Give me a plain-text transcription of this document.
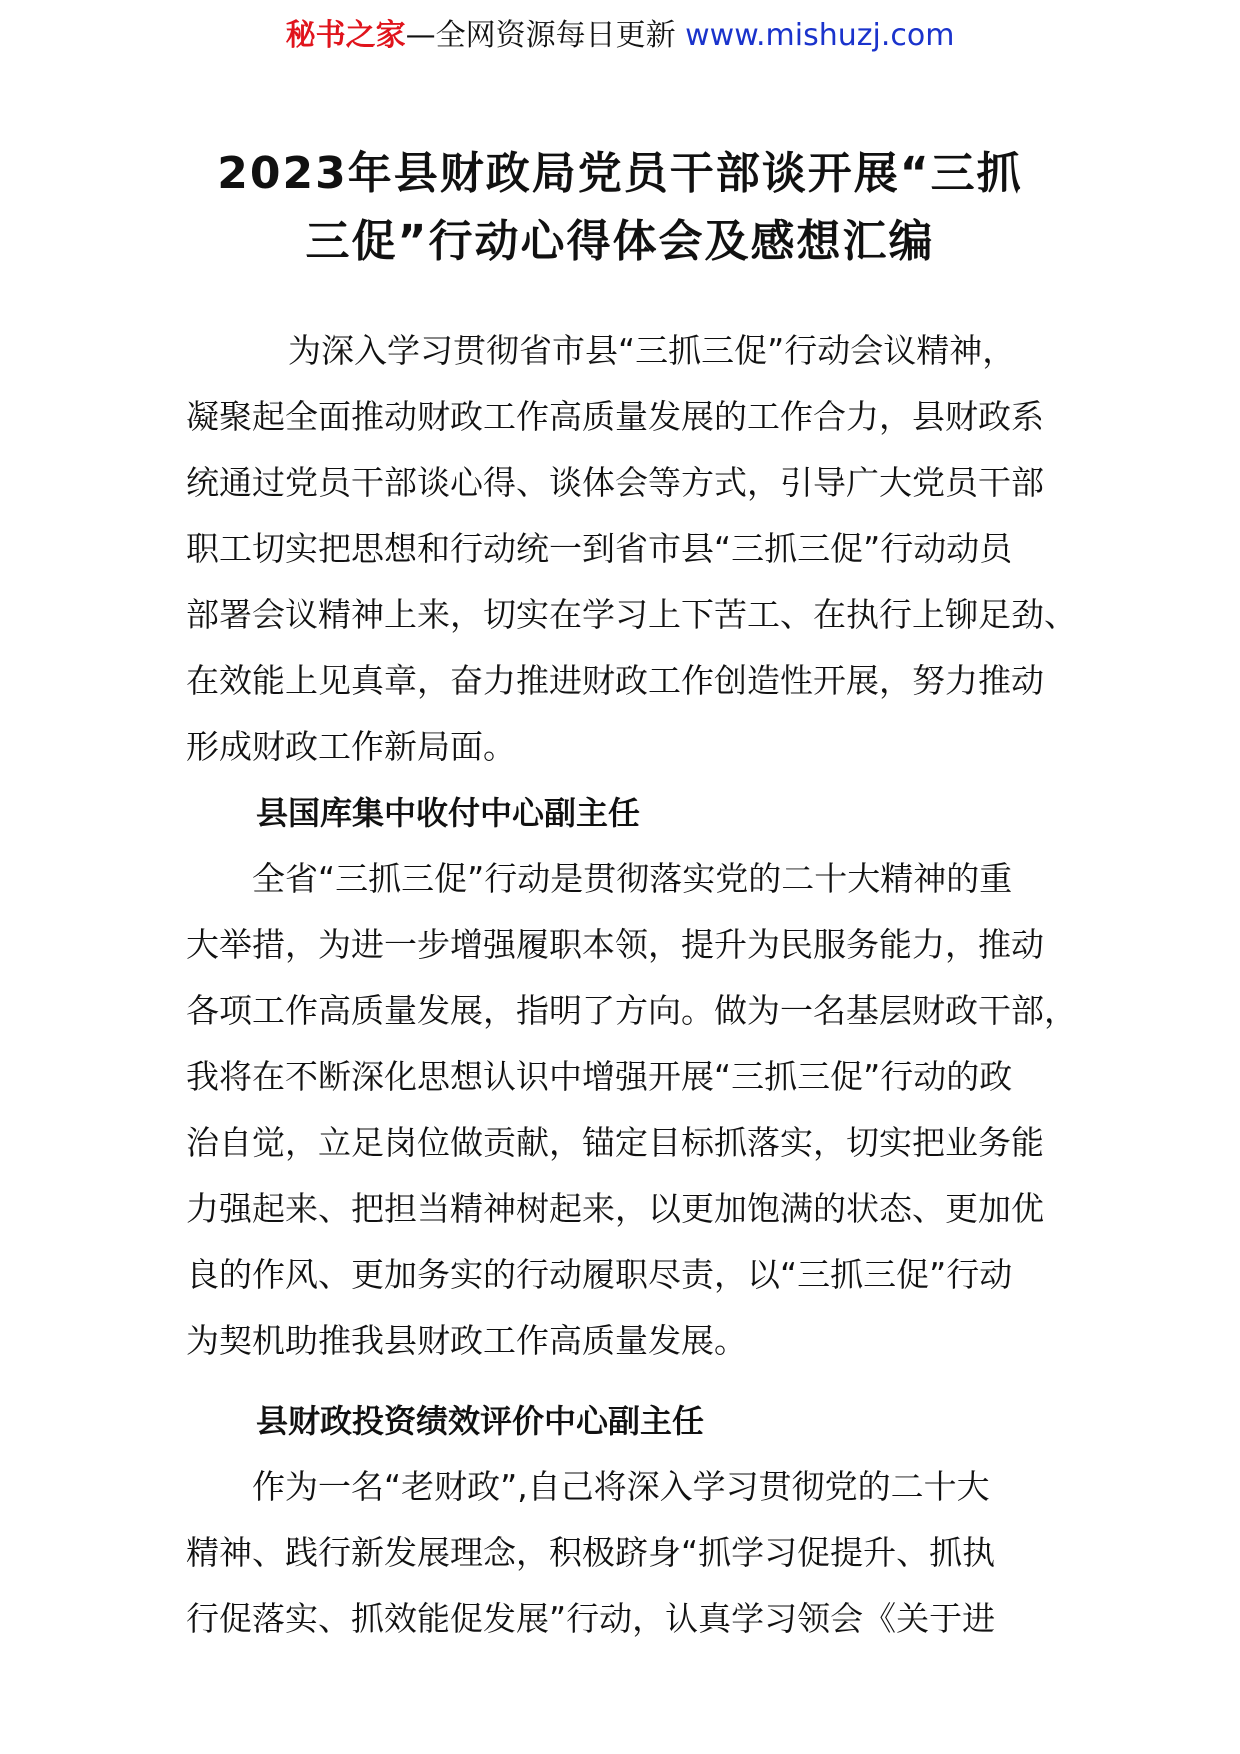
秘书之家—全网资源每日更新 www.mishuzj.com
2023年县财政局党员干部谈开展“三抓
三促”行动心得体会及感想汇编
为深入学习贯彻省市县“三抓三促”行动会议精神，
凝聚起全面推动财政工作高质量发展的工作合力，县财政系
统通过党员干部谈心得、谈体会等方式，引导广大党员干部
职工切实把思想和行动统一到省市县“三抓三促”行动动员
部署会议精神上来，切实在学习上下苦工、在执行上铆足劲、
在效能上见真章，奋力推进财政工作创造性开展，努力推动
形成财政工作新局面。
县国库集中收付中心副主任
全省“三抓三促”行动是贯彻落实党的二十大精神的重
大举措，为进一步增强履职本领，提升为民服务能力，推动
各项工作高质量发展，指明了方向。做为一名基层财政干部，
我将在不断深化思想认识中增强开展“三抓三促”行动的政
治自觉，立足岗位做贡献，锚定目标抓落实，切实把业务能
力强起来、把担当精神树起来，以更加饱满的状态、更加优
良的作风、更加务实的行动履职尽责，以“三抓三促”行动
为契机助推我县财政工作高质量发展。
县财政投资绩效评价中心副主任
作为一名“老财政”,自己将深入学习贯彻党的二十大
精神、践行新发展理念，积极跻身“抓学习促提升、抓执
行促落实、抓效能促发展”行动，认真学习领会《关于进
